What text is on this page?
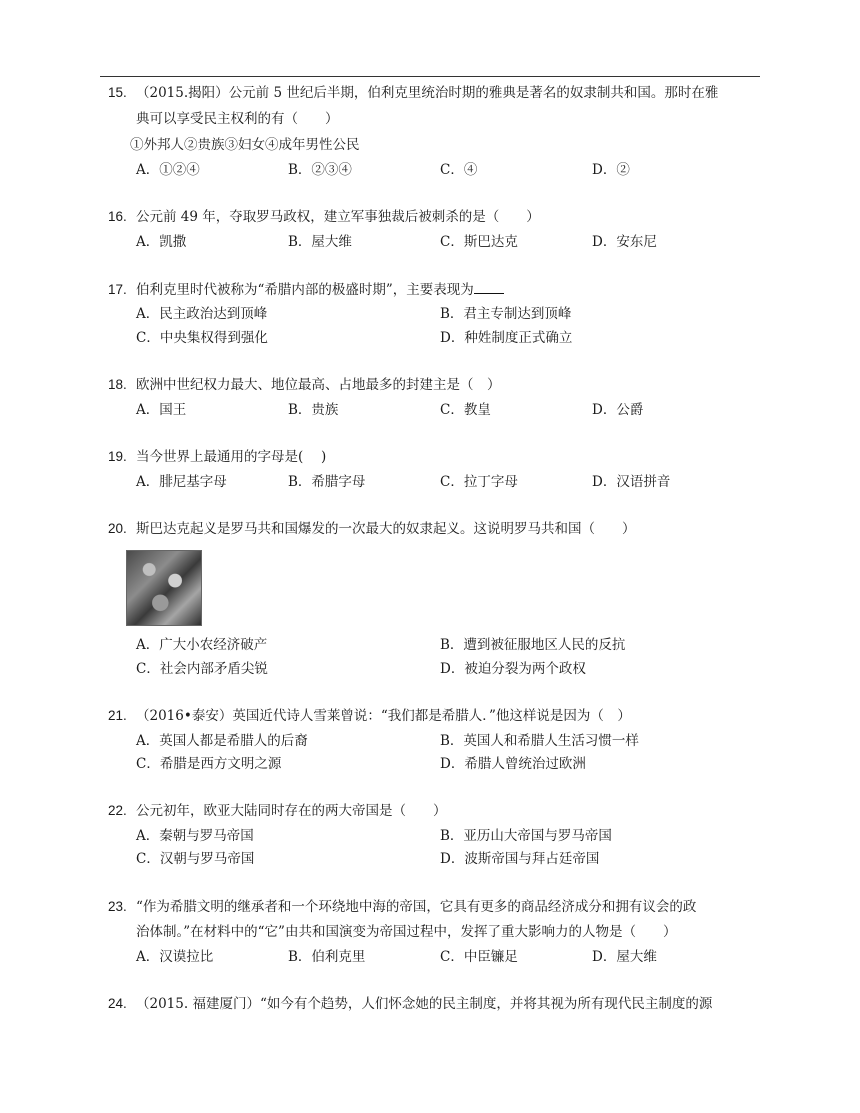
15. （2015.揭阳）公元前 5 世纪后半期，伯利克里统治时期的雅典是著名的奴隶制共和国。那时在雅
典可以享受民主权利的有（　　）
①外邦人②贵族③妇女④成年男性公民
A．①②④	B．②③④	C．④	D．②
16. 公元前 49 年，夺取罗马政权，建立军事独裁后被刺杀的是（　　）
A．凯撒	B．屋大维	C．斯巴达克	D．安东尼
17. 伯利克里时代被称为“希腊内部的极盛时期”，主要表现为
A．民主政治达到顶峰	B．君主专制达到顶峰
C．中央集权得到强化	D．种姓制度正式确立
18. 欧洲中世纪权力最大、地位最高、占地最多的封建主是（　）
A．国王	B．贵族	C．教皇	D．公爵
19. 当今世界上最通用的字母是(　 )
A．腓尼基字母	B．希腊字母	C．拉丁字母	D．汉语拼音
20. 斯巴达克起义是罗马共和国爆发的一次最大的奴隶起义。这说明罗马共和国（　　）
A．广大小农经济破产	B．遭到被征服地区人民的反抗
C．社会内部矛盾尖锐	D．被迫分裂为两个政权
21. （2016•泰安）英国近代诗人雪莱曾说：“我们都是希腊人．”他这样说是因为（　）
A．英国人都是希腊人的后裔	B．英国人和希腊人生活习惯一样
C．希腊是西方文明之源	D．希腊人曾统治过欧洲
22. 公元初年，欧亚大陆同时存在的两大帝国是（　　）
A．秦朝与罗马帝国	B．亚历山大帝国与罗马帝国
C．汉朝与罗马帝国	D．波斯帝国与拜占廷帝国
23. “作为希腊文明的继承者和一个环绕地中海的帝国，它具有更多的商品经济成分和拥有议会的政
治体制。”在材料中的“它”由共和国演变为帝国过程中，发挥了重大影响力的人物是（　　）
A．汉谟拉比	B．伯利克里	C．中臣镰足	D．屋大维
24. （2015. 福建厦门）“如今有个趋势，人们怀念她的民主制度，并将其视为所有现代民主制度的源
